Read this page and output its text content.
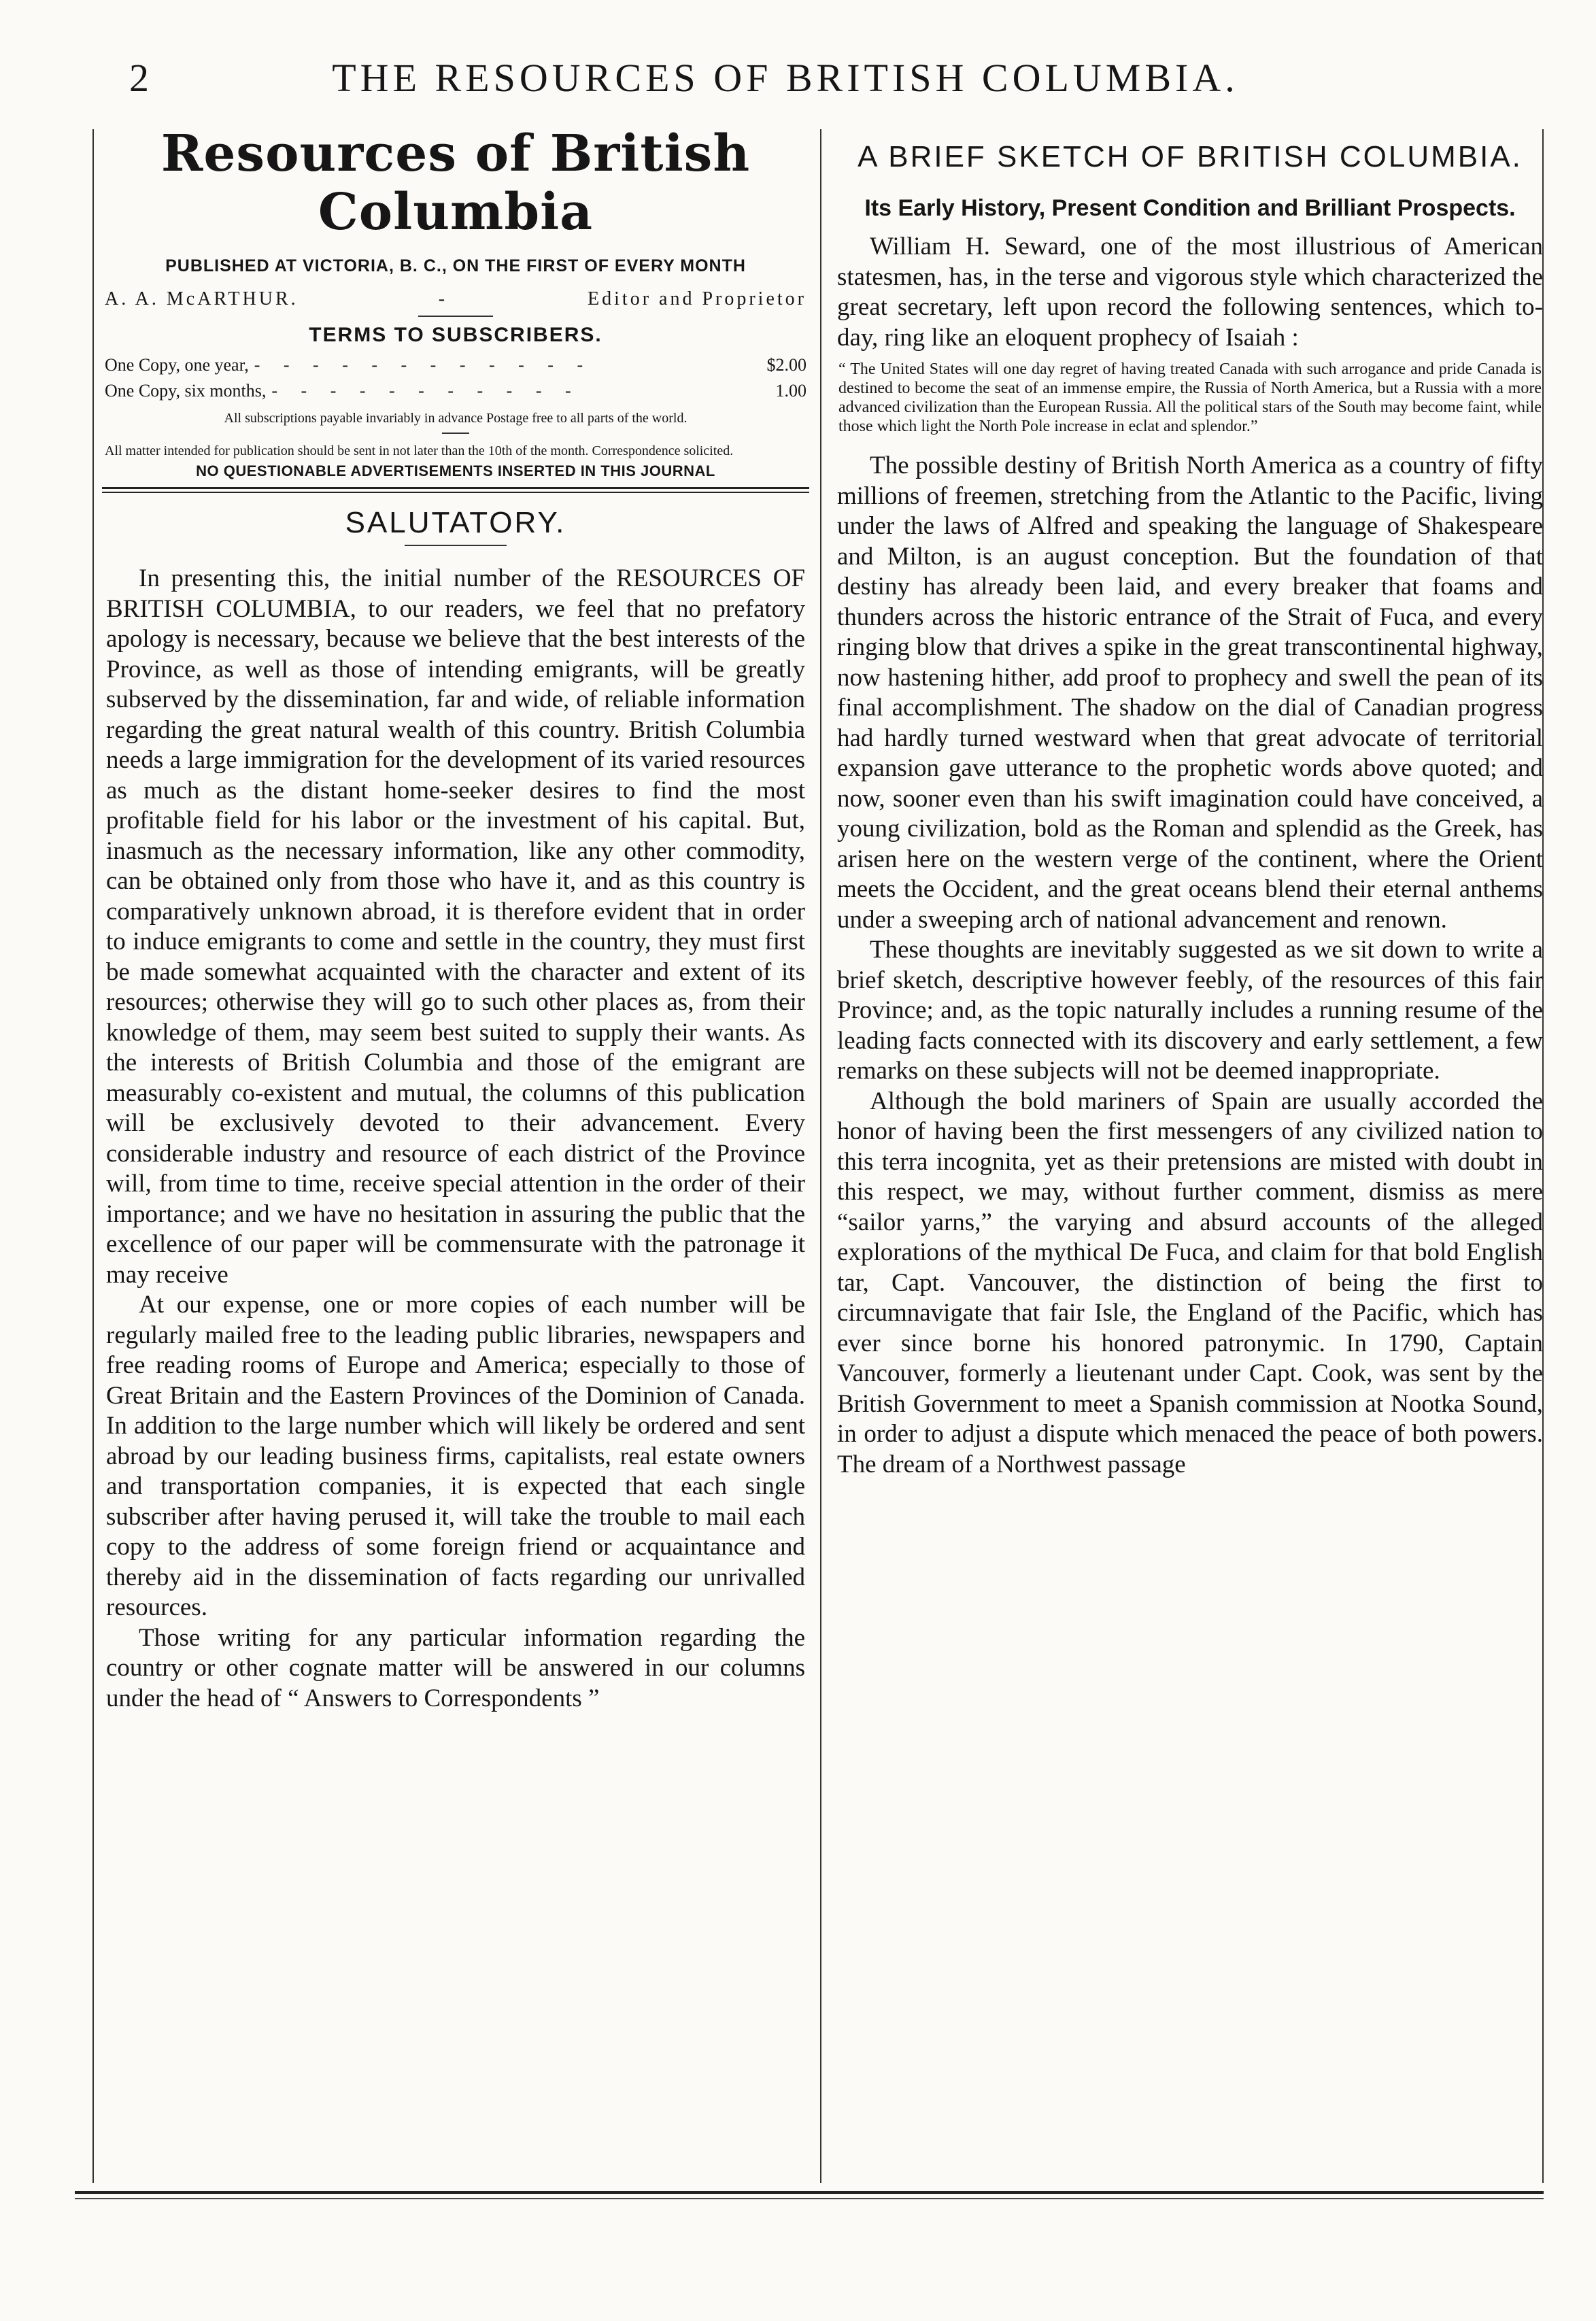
2	THE RESOURCES OF BRITISH COLUMBIA.
Resources of British Columbia
PUBLISHED AT VICTORIA, B. C., ON THE FIRST OF EVERY MONTH
A. A. McARTHUR.	-	Editor and Proprietor
TERMS TO SUBSCRIBERS.
One Copy, one year, - - - - - - - - - - - -	$2.00
One Copy, six months, - - - - - - - - - - -	1.00
All subscriptions payable invariably in advance Postage free to all parts of the world.
All matter intended for publication should be sent in not later than the 10th of the month. Correspondence solicited.
NO QUESTIONABLE ADVERTISEMENTS INSERTED IN THIS JOURNAL
SALUTATORY.

In presenting this, the initial number of the RESOURCES OF BRITISH COLUMBIA, to our readers, we feel that no prefatory apology is necessary, because we believe that the best interests of the Province, as well as those of intending emigrants, will be greatly subserved by the dissemination, far and wide, of reliable information regarding the great natural wealth of this country. British Columbia needs a large immigration for the development of its varied resources as much as the distant home-seeker desires to find the most profitable field for his labor or the investment of his capital. But, inasmuch as the necessary information, like any other commodity, can be obtained only from those who have it, and as this country is comparatively unknown abroad, it is therefore evident that in order to induce emigrants to come and settle in the country, they must first be made somewhat acquainted with the character and extent of its resources; otherwise they will go to such other places as, from their knowledge of them, may seem best suited to supply their wants. As the interests of British Columbia and those of the emigrant are measurably co-existent and mutual, the columns of this publication will be exclusively devoted to their advancement. Every considerable industry and resource of each district of the Province will, from time to time, receive special attention in the order of their importance; and we have no hesitation in assuring the public that the excellence of our paper will be commensurate with the patronage it may receive

At our expense, one or more copies of each number will be regularly mailed free to the leading public libraries, newspapers and free reading rooms of Europe and America; especially to those of Great Britain and the Eastern Provinces of the Dominion of Canada. In addition to the large number which will likely be ordered and sent abroad by our leading business firms, capitalists, real estate owners and transportation companies, it is expected that each single subscriber after having perused it, will take the trouble to mail each copy to the address of some foreign friend or acquaintance and thereby aid in the dissemination of facts regarding our unrivalled resources.

Those writing for any particular information regarding the country or other cognate matter will be answered in our columns under the head of “ Answers to Correspondents ”

A BRIEF SKETCH OF BRITISH COLUMBIA.
Its Early History, Present Condition and Brilliant Prospects.

William H. Seward, one of the most illustrious of American statesmen, has, in the terse and vigorous style which characterized the great secretary, left upon record the following sentences, which to-day, ring like an eloquent prophecy of Isaiah :

“ The United States will one day regret of having treated Canada with such arrogance and pride Canada is destined to become the seat of an immense empire, the Russia of North America, but a Russia with a more advanced civilization than the European Russia. All the political stars of the South may become faint, while those which light the North Pole increase in eclat and splendor.”

The possible destiny of British North America as a country of fifty millions of freemen, stretching from the Atlantic to the Pacific, living under the laws of Alfred and speaking the language of Shakespeare and Milton, is an august conception. But the foundation of that destiny has already been laid, and every breaker that foams and thunders across the historic entrance of the Strait of Fuca, and every ringing blow that drives a spike in the great transcontinental highway, now hastening hither, add proof to prophecy and swell the pean of its final accomplishment. The shadow on the dial of Canadian progress had hardly turned westward when that great advocate of territorial expansion gave utterance to the prophetic words above quoted; and now, sooner even than his swift imagination could have conceived, a young civilization, bold as the Roman and splendid as the Greek, has arisen here on the western verge of the continent, where the Orient meets the Occident, and the great oceans blend their eternal anthems under a sweeping arch of national advancement and renown.

These thoughts are inevitably suggested as we sit down to write a brief sketch, descriptive however feebly, of the resources of this fair Province; and, as the topic naturally includes a running resume of the leading facts connected with its discovery and early settlement, a few remarks on these subjects will not be deemed inappropriate.

Although the bold mariners of Spain are usually accorded the honor of having been the first messengers of any civilized nation to this terra incognita, yet as their pretensions are misted with doubt in this respect, we may, without further comment, dismiss as mere “sailor yarns,” the varying and absurd accounts of the alleged explorations of the mythical De Fuca, and claim for that bold English tar, Capt. Vancouver, the distinction of being the first to circumnavigate that fair Isle, the England of the Pacific, which has ever since borne his honored patronymic. In 1790, Captain Vancouver, formerly a lieutenant under Capt. Cook, was sent by the British Government to meet a Spanish commission at Nootka Sound, in order to adjust a dispute which menaced the peace of both powers. The dream of a Northwest passage
